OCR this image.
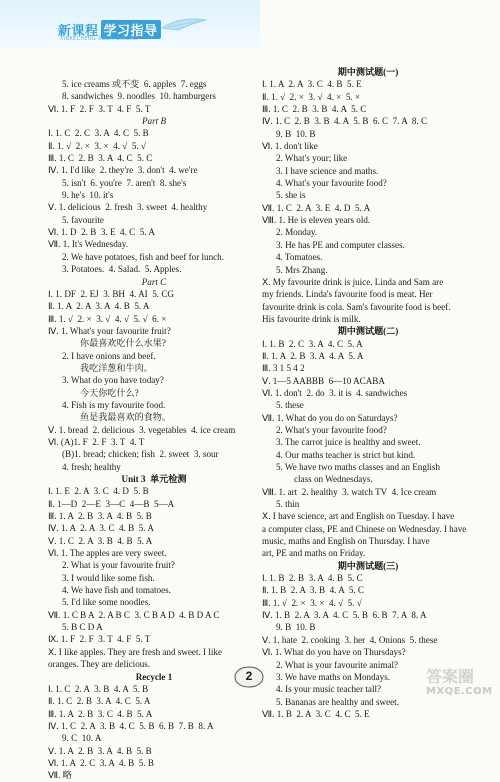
新课程 学习指导
XINKECHENG XUEXI ZHIDAO
5. ice creams 或不变  6. apples  7. eggs
8. sandwiches  9. noodles  10. hamburgers
Ⅵ. 1. F  2. F  3. T  4. F  5. T
Part B
Ⅰ. 1. C  2. C  3. A  4. C  5. B
Ⅱ. 1. √  2. ×  3. ×  4. √  5. √
Ⅲ. 1. C  2. B  3. A  4. C  5. C
Ⅳ. 1. I'd like  2. they're  3. don't  4. we're
5. isn't  6. you're  7. aren't  8. she's
9. he's  10. it's
Ⅴ. 1. delicious  2. fresh  3. sweet  4. healthy
5. favourite
Ⅵ. 1. D  2. B  3. E  4. C  5. A
Ⅶ. 1. It's Wednesday.
2. We have potatoes, fish and beef for lunch.
3. Potatoes.  4. Salad.  5. Apples.
Part C
Ⅰ. 1. DF  2. EJ  3. BH  4. AI  5. CG
Ⅱ. 1. A  2. A  3. A  4. B  5. A
Ⅲ. 1. √  2. ×  3. √  4. √  5. √  6. ×
Ⅳ. 1. What's your favourite fruit?
你最喜欢吃什么水果?
2. I have onions and beef.
我吃洋葱和牛肉。
3. What do you have today?
今天你吃什么?
4. Fish is my favourite food.
鱼是我最喜欢的食物。
Ⅴ. 1. bread  2. delicious  3. vegetables  4. ice cream
Ⅵ. (A)1. F  2. F  3. T  4. T
(B)1. bread; chicken; fish  2. sweet  3. sour
4. fresh; healthy
Unit 3  单元检测
Ⅰ. 1. E  2. A  3. C  4. D  5. B
Ⅱ. 1—D  2—E  3—C  4—B  5—A
Ⅲ. 1. A  2. B  3. A  4. B  5. B
Ⅳ. 1. A  2. A  3. C  4. B  5. A
Ⅴ. 1. C  2. A  3. B  4. B  5. A
Ⅵ. 1. The apples are very sweet.
2. What is your favourite fruit?
3. I would like some fish.
4. We have fish and tomatoes.
5. I'd like some noodles.
Ⅶ. 1. C B A  2. A B C  3. C B A D  4. B D A C
5. B C D A
Ⅸ. 1. F  2. F  3. T  4. F  5. T
Ⅹ. I like apples. They are fresh and sweet. I like
oranges. They are delicious.
Recycle 1
Ⅰ. 1. C  2. A  3. B  4. A  5. B
Ⅱ. 1. C  2. B  3. A  4. C  5. A
Ⅲ. 1. A  2. B  3. C  4. B  5. A
Ⅳ. 1. C  2. A  3. B  4. C  5. B  6. B  7. B  8. A
9. C  10. A
Ⅴ. 1. A  2. B  3. A  4. B  5. B
Ⅵ. 1. A  2. C  3. A  4. B  5. B
Ⅶ. 略
期中测试题(一)
Ⅰ. 1. A  2. A  3. C  4. B  5. E
Ⅱ. 1. √  2. ×  3. √  4. ×  5. ×
Ⅲ. 1. C  2. B  3. B  4. A  5. C
Ⅳ. 1. C  2. B  3. B  4. A  5. B  6. C  7. A  8. C
9. B  10. B
Ⅵ. 1. don't like
2. What's your; like
3. I have science and maths.
4. What's your favourite food?
5. she is
Ⅶ. 1. C  2. A  3. E  4. D  5. A
Ⅷ. 1. He is eleven years old.
2. Monday.
3. He has PE and computer classes.
4. Tomatoes.
5. Mrs Zhang.
Ⅹ. My favourite drink is juice. Linda and Sam are
my friends. Linda's favourite food is meat. Her
favourite drink is cola. Sam's favourite food is beef.
His favourite drink is milk.
期中测试题(二)
Ⅰ. 1. B  2. C  3. A  4. C  5. A
Ⅱ. 1. A  2. B  3. A  4. A  5. A
Ⅲ. 3 1 5 4 2
Ⅴ. 1—5 AABBB  6—10 ACABA
Ⅵ. 1. don't  2. do  3. it is  4. sandwiches
5. these
Ⅶ. 1. What do you do on Saturdays?
2. What's your favourite food?
3. The carrot juice is healthy and sweet.
4. Our maths teacher is strict but kind.
5. We have two maths classes and an English
class on Wednesdays.
Ⅷ. 1. art  2. healthy  3. watch TV  4. Ice cream
5. thin
Ⅹ. I have science, art and English on Tuesday. I have
a computer class, PE and Chinese on Wednesday. I have
music, maths and English on Thursday. I have
art, PE and maths on Friday.
期中测试题(三)
Ⅰ. 1. B  2. B  3. A  4. B  5. C
Ⅱ. 1. B  2. A  3. B  4. A  5. C
Ⅲ. 1. √  2. ×  3. ×  4. √  5. √
Ⅳ. 1. B  2. A  3. A  4. C  5. B  6. B  7. A  8. A
9. B  10. B
Ⅴ. 1. hate  2. cooking  3. her  4. Onions  5. these
Ⅵ. 1. What do you have on Thursdays?
2. What is your favourite animal?
3. We have maths on Mondays.
4. Is your music teacher tall?
5. Bananas are healthy and sweet.
Ⅶ. 1. B  2. A  3. C  4. C  5. E
2	答案圈
MXQE.COM
